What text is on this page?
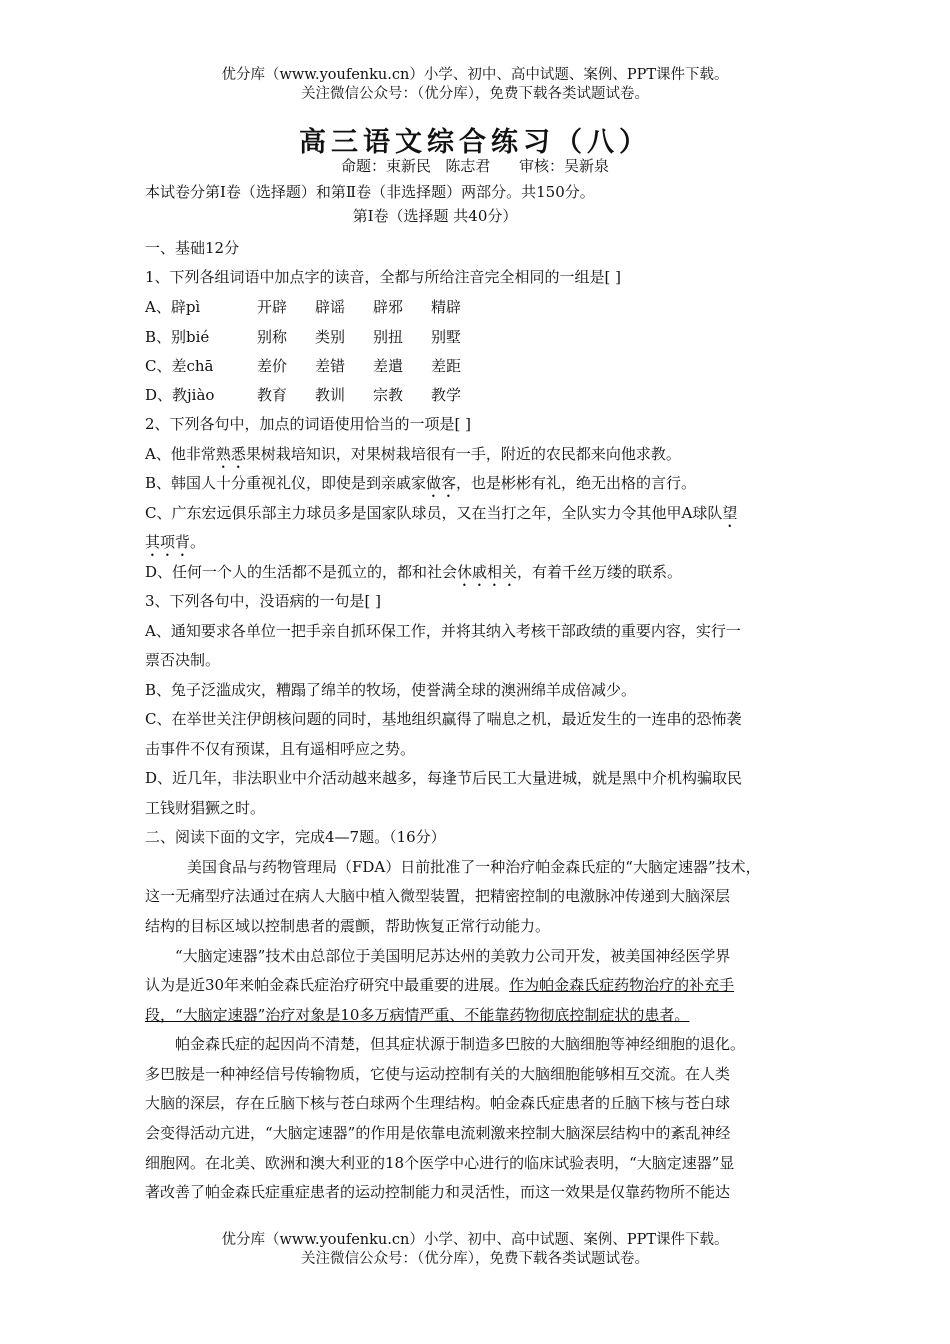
优分库（www.youfenku.cn）小学、初中、高中试题、案例、PPT课件下载。
关注微信公众号：（优分库），免费下载各类试题试卷。
高三语文综合练习（八）
命题：束新民   陈志君      审核：吴新泉
本试卷分第Ⅰ卷（选择题）和第Ⅱ卷（非选择题）两部分。共150分。
第Ⅰ卷（选择题 共40分）
一、基础12分
1、下列各组词语中加点字的读音，全都与所给注音完全相同的一组是[ ]
A、辟pì	开辟 辟谣 辟邪 精辟
B、别bié	别称 类别 别扭 别墅
C、差chā	差价 差错 差遣 差距
D、教jiào	教育 教训 宗教 教学
2、下列各句中，加点的词语使用恰当的一项是[ ]
A、他非常熟悉果树栽培知识，对果树栽培很有一手，附近的农民都来向他求教。
B、韩国人十分重视礼仪，即使是到亲戚家做客，也是彬彬有礼，绝无出格的言行。
C、广东宏远俱乐部主力球员多是国家队球员，又在当打之年，全队实力令其他甲A球队望
其项背。
D、任何一个人的生活都不是孤立的，都和社会休戚相关，有着千丝万缕的联系。
3、下列各句中，没语病的一句是[ ]
A、通知要求各单位一把手亲自抓环保工作，并将其纳入考核干部政绩的重要内容，实行一
票否决制。
B、兔子泛滥成灾，糟蹋了绵羊的牧场，使誉满全球的澳洲绵羊成倍减少。
C、在举世关注伊朗核问题的同时，基地组织赢得了喘息之机，最近发生的一连串的恐怖袭
击事件不仅有预谋，且有遥相呼应之势。
D、近几年，非法职业中介活动越来越多，每逢节后民工大量进城，就是黑中介机构骗取民
工钱财猖獗之时。
二、阅读下面的文字，完成4—7题。（16分）
美国食品与药物管理局（FDA）日前批准了一种治疗帕金森氏症的“大脑定速器”技术，
这一无痛型疗法通过在病人大脑中植入微型装置，把精密控制的电激脉冲传递到大脑深层
结构的目标区域以控制患者的震颤，帮助恢复正常行动能力。
“大脑定速器”技术由总部位于美国明尼苏达州的美敦力公司开发，被美国神经医学界
认为是近30年来帕金森氏症治疗研究中最重要的进展。作为帕金森氏症药物治疗的补充手
段，“大脑定速器”治疗对象是10多万病情严重、不能靠药物彻底控制症状的患者。
帕金森氏症的起因尚不清楚，但其症状源于制造多巴胺的大脑细胞等神经细胞的退化。
多巴胺是一种神经信号传输物质，它使与运动控制有关的大脑细胞能够相互交流。在人类
大脑的深层，存在丘脑下核与苍白球两个生理结构。帕金森氏症患者的丘脑下核与苍白球
会变得活动亢进，“大脑定速器”的作用是依靠电流刺激来控制大脑深层结构中的紊乱神经
细胞网。在北美、欧洲和澳大利亚的18个医学中心进行的临床试验表明，“大脑定速器”显
著改善了帕金森氏症重症患者的运动控制能力和灵活性，而这一效果是仅靠药物所不能达
优分库（www.youfenku.cn）小学、初中、高中试题、案例、PPT课件下载。
关注微信公众号：（优分库），免费下载各类试题试卷。
